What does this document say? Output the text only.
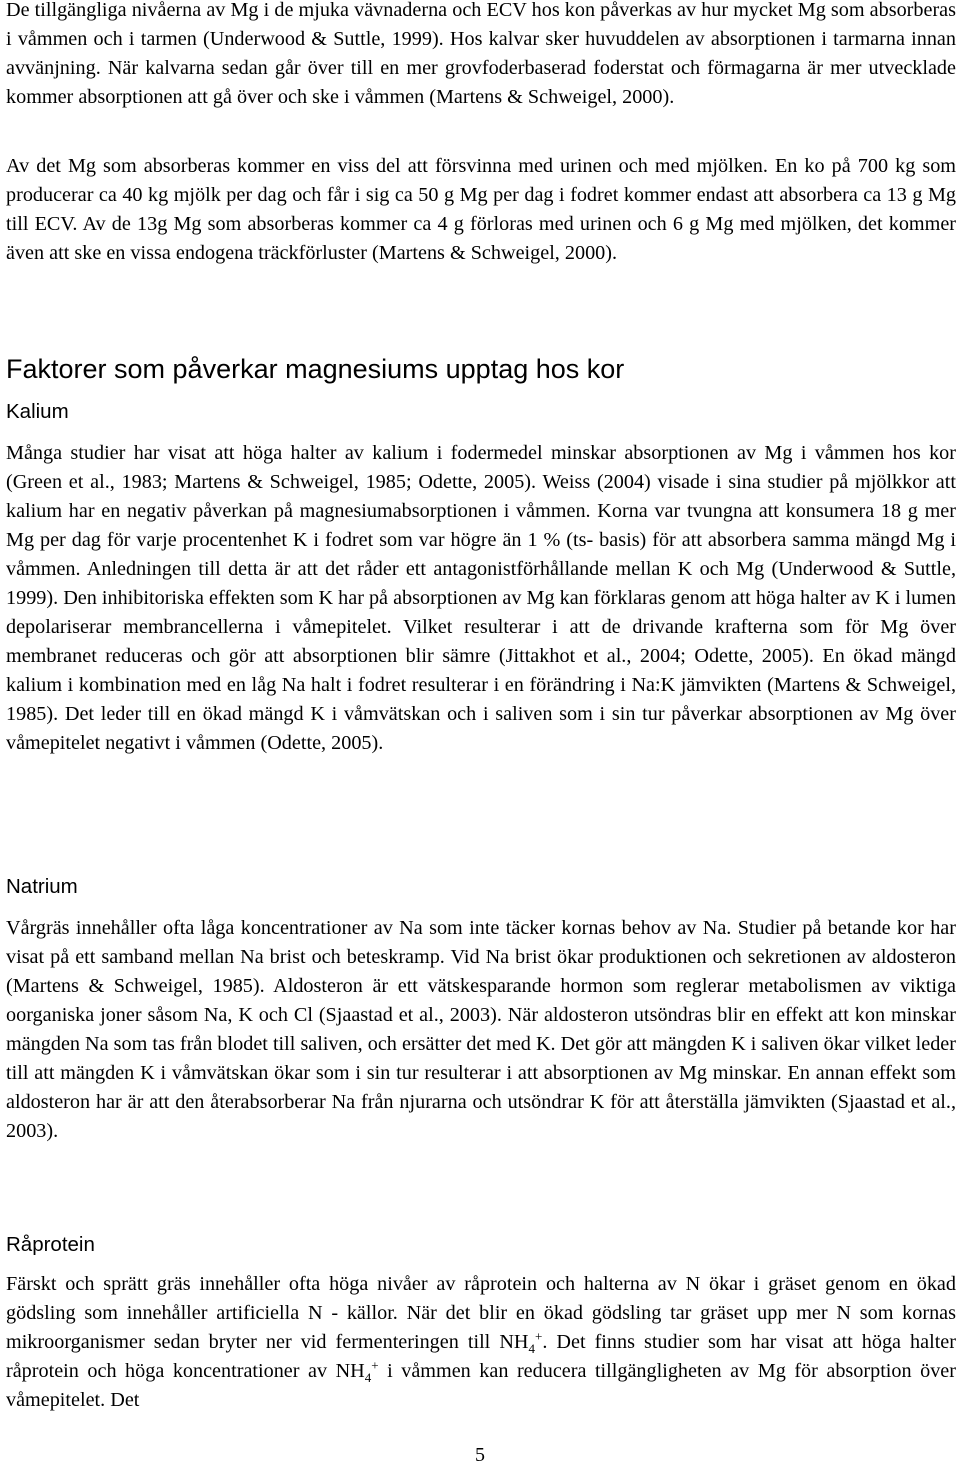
De tillgängliga nivåerna av Mg i de mjuka vävnaderna och ECV hos kon påverkas av hur mycket Mg som absorberas i våmmen och i tarmen (Underwood & Suttle, 1999). Hos kalvar sker huvuddelen av absorptionen i tarmarna innan avvänjning. När kalvarna sedan går över till en mer grovfoderbaserad foderstat och förmagarna är mer utvecklade kommer absorptionen att gå över och ske i våmmen (Martens & Schweigel, 2000).

Av det Mg som absorberas kommer en viss del att försvinna med urinen och med mjölken. En ko på 700 kg som producerar ca 40 kg mjölk per dag och får i sig ca 50 g Mg per dag i fodret kommer endast att absorbera ca 13 g Mg till ECV. Av de 13g Mg som absorberas kommer ca 4 g förloras med urinen och 6 g Mg med mjölken, det kommer även att ske en vissa endogena träckförluster (Martens & Schweigel, 2000).

Faktorer som påverkar magnesiums upptag hos kor
Kalium

Många studier har visat att höga halter av kalium i fodermedel minskar absorptionen av Mg i våmmen hos kor (Green et al., 1983; Martens & Schweigel, 1985; Odette, 2005). Weiss (2004) visade i sina studier på mjölkkor att kalium har en negativ påverkan på magnesiumabsorptionen i våmmen. Korna var tvungna att konsumera 18 g mer Mg per dag för varje procentenhet K i fodret som var högre än 1 % (ts- basis) för att absorbera samma mängd Mg i våmmen. Anledningen till detta är att det råder ett antagonistförhållande mellan K och Mg (Underwood & Suttle, 1999). Den inhibitoriska effekten som K har på absorptionen av Mg kan förklaras genom att höga halter av K i lumen depolariserar membrancellerna i våmepitelet. Vilket resulterar i att de drivande krafterna som för Mg över membranet reduceras och gör att absorptionen blir sämre (Jittakhot et al., 2004; Odette, 2005). En ökad mängd kalium i kombination med en låg Na halt i fodret resulterar i en förändring i Na:K jämvikten (Martens & Schweigel, 1985). Det leder till en ökad mängd K i våmvätskan och i saliven som i sin tur påverkar absorptionen av Mg över våmepitelet negativt i våmmen (Odette, 2005).

Natrium

Vårgräs innehåller ofta låga koncentrationer av Na som inte täcker kornas behov av Na. Studier på betande kor har visat på ett samband mellan Na brist och beteskramp. Vid Na brist ökar produktionen och sekretionen av aldosteron (Martens & Schweigel, 1985). Aldosteron är ett vätskesparande hormon som reglerar metabolismen av viktiga oorganiska joner såsom Na, K och Cl (Sjaastad et al., 2003). När aldosteron utsöndras blir en effekt att kon minskar mängden Na som tas från blodet till saliven, och ersätter det med K. Det gör att mängden K i saliven ökar vilket leder till att mängden K i våmvätskan ökar som i sin tur resulterar i att absorptionen av Mg minskar. En annan effekt som aldosteron har är att den återabsorberar Na från njurarna och utsöndrar K för att återställa jämvikten (Sjaastad et al., 2003).

Råprotein

Färskt och sprätt gräs innehåller ofta höga nivåer av råprotein och halterna av N ökar i gräset genom en ökad gödsling som innehåller artificiella N - källor. När det blir en ökad gödsling tar gräset upp mer N som kornas mikroorganismer sedan bryter ner vid fermenteringen till $NH_4^+$. Det finns studier som har visat att höga halter råprotein och höga koncentrationer av $NH_4^+$ i våmmen kan reducera tillgängligheten av Mg för absorption över våmepitelet. Det

5
